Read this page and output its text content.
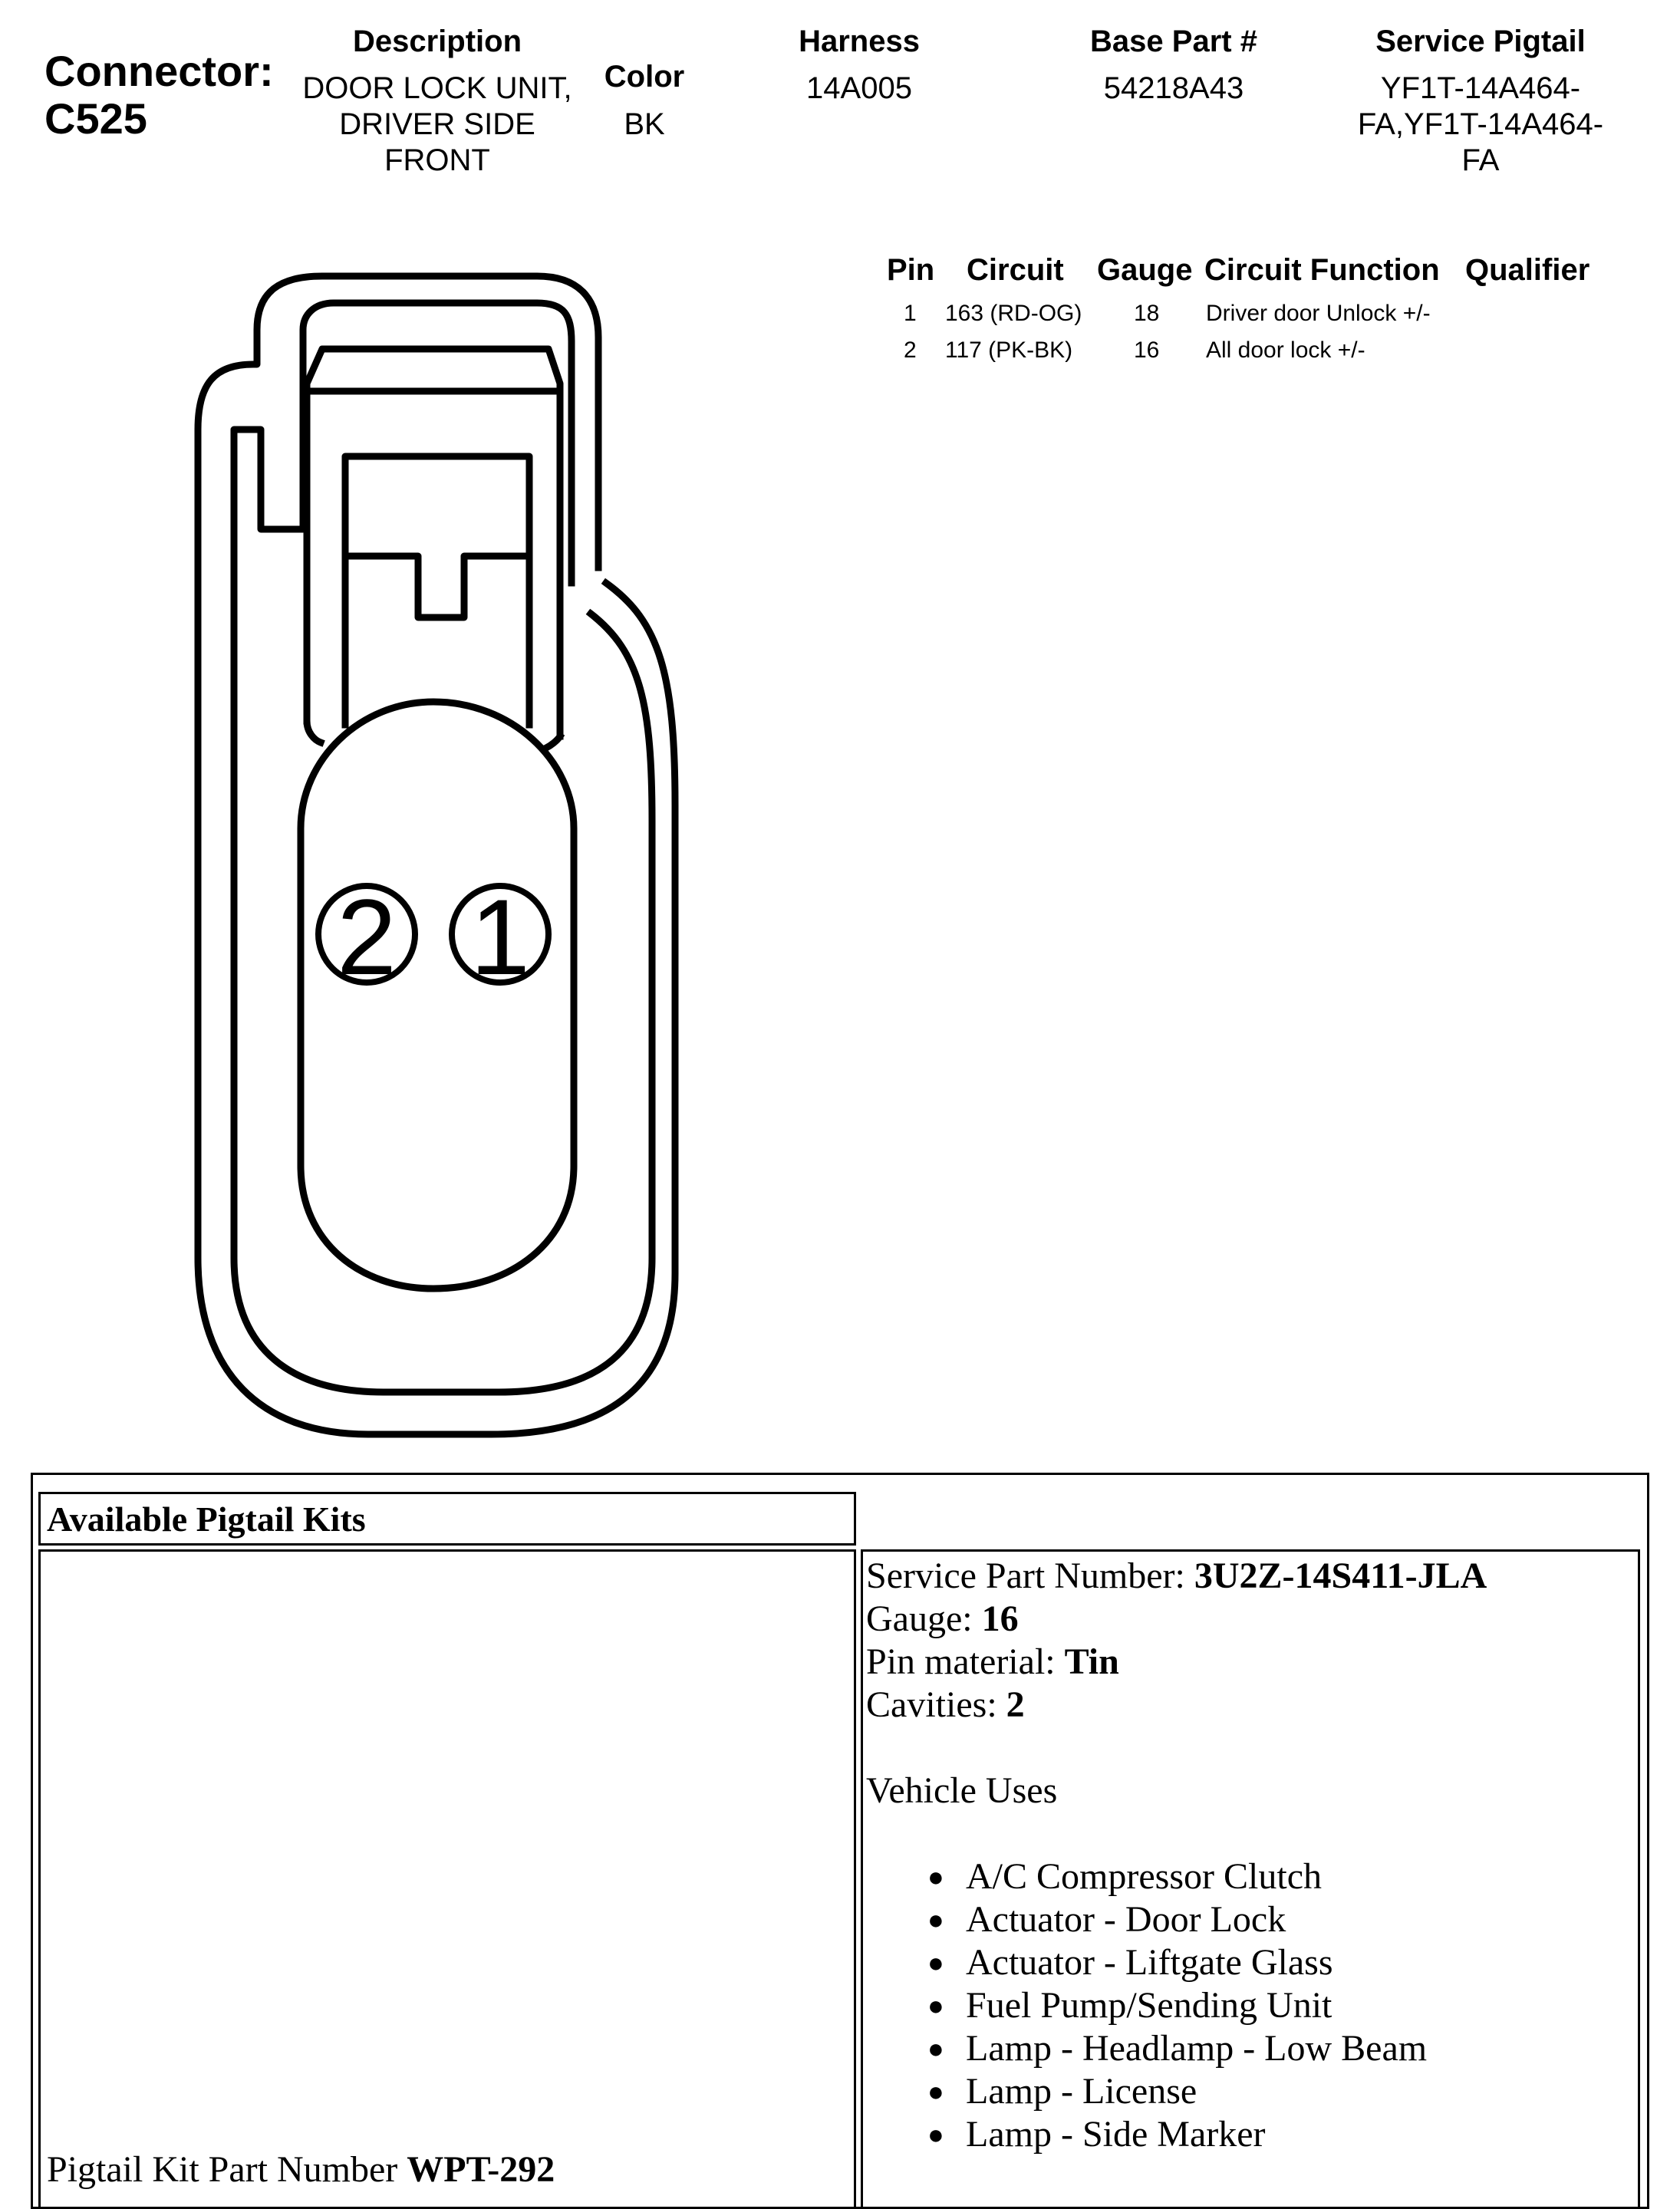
Connector:
C525
Description
DOOR LOCK UNIT,
DRIVER SIDE
FRONT
Color
BK
Harness
14A005
Base Part #
54218A43
Service Pigtail
YF1T-14A464-
FA,YF1T-14A464-
FA
Pin Circuit Gauge Circuit Function Qualifier
1 163 (RD-OG) 18 Driver door Unlock +/-
2 117 (PK-BK)	16 All door lock +/-
2 1
Available Pigtail Kits
Pigtail Kit Part Number WPT-292
Service Part Number: 3U2Z-14S411-JLA
Gauge: 16
Pin material: Tin
Cavities: 2
Vehicle Uses
● A/C Compressor Clutch
● Actuator - Door Lock
● Actuator - Liftgate Glass
● Fuel Pump/Sending Unit
● Lamp - Headlamp - Low Beam
● Lamp - License
● Lamp - Side Marker
